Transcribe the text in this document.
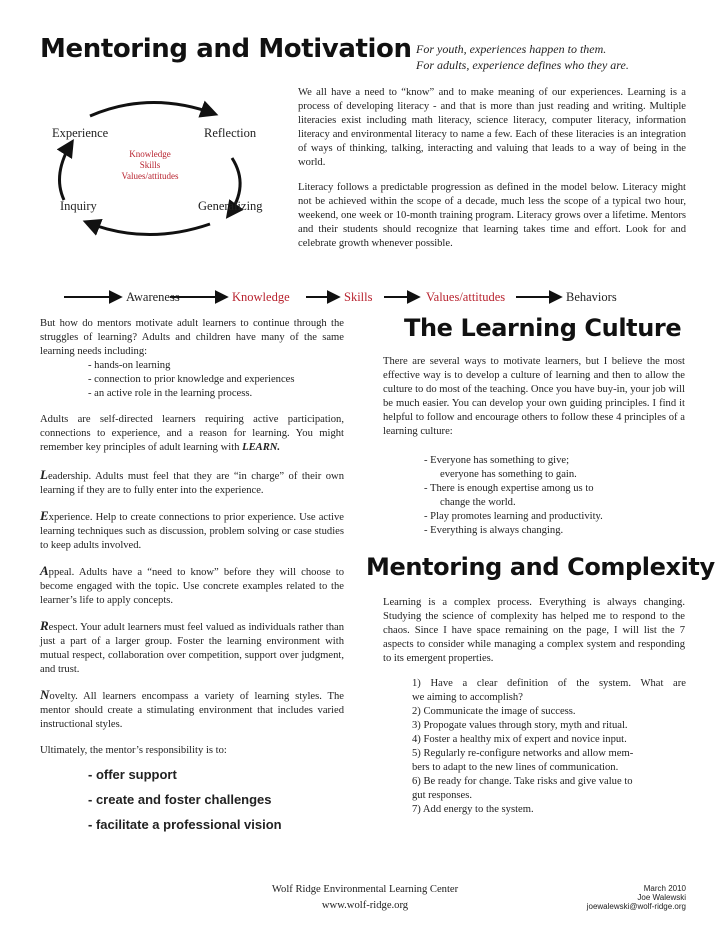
Mentoring and Motivation For youth, experiences happen to them.
For adults, experience defines who they are.
Experience	Reflection
Inquiry	Generalizing
Knowledge
Skills
Values/attitudes

We all have a need to “know” and to make meaning of our experiences. Learning is a process of developing literacy - and that is more than just reading and writing. Multiple literacies exist including math literacy, science literacy, computer literacy, information literacy and environmental literacy to name a few. Each of these literacies is an integration of ways of thinking, talking, interacting and valuing that leads to a way of being in the world.

Literacy follows a predictable progression as defined in the model below. Literacy might not be achieved within the scope of a decade, much less the scope of a typical two hour, weekend, one week or 10-month training program. Literacy grows over a lifetime. Mentors and their students should recognize that learning takes time and effort. Look for and celebrate growth whenever possible.

Awareness	Knowledge	Skills	Values/attitudes	Behaviors

But how do mentors motivate adult learners to continue through the struggles of learning? Adults and children have many of the same learning needs including:

- hands-on learning
- connection to prior knowledge and experiences
- an active role in the learning process.

Adults are self-directed learners requiring active participation, connections to experience, and a reason for learning. You might remember key principles of adult learning with LEARN.

Leadership. Adults must feel that they are “in charge” of their own learning if they are to fully enter into the experience.

Experience. Help to create connections to prior experience. Use active learning techniques such as discussion, problem solving or case studies to keep adults involved.

Appeal. Adults have a “need to know” before they will choose to become engaged with the topic. Use concrete examples related to the learner’s life to apply concepts.

Respect. Your adult learners must feel valued as individuals rather than just a part of a larger group. Foster the learning environment with mutual respect, collaboration over competition, support over judgment, and trust.

Novelty. All learners encompass a variety of learning styles. The mentor should create a stimulating environment that includes varied instructional styles.

Ultimately, the mentor’s responsibility is to:

- offer support
- create and foster challenges
- facilitate a professional vision
The Learning Culture

There are several ways to motivate learners, but I believe the most effective way is to develop a culture of learning and then to allow the culture to do most of the teaching. Once you have buy-in, your job will be much easier. You can develop your own guiding principles. I find it helpful to follow and encourage others to follow these 4 principles of a learning culture:

- Everyone has something to give;
everyone has something to gain.
- There is enough expertise among us to
change the world.
- Play promotes learning and productivity.
- Everything is always changing.
Mentoring and Complexity

Learning is a complex process. Everything is always changing. Studying the science of complexity has helped me to respond to the chaos. Since I have space remaining on the page, I will list the 7 aspects to consider while managing a complex system and responding to its emergent properties.

1) Have a clear definition of the system. What are
we aiming to accomplish?
2) Communicate the image of success.
3) Propogate values through story, myth and ritual.
4) Foster a healthy mix of expert and novice input.
5) Regularly re-configure networks and allow mem-
bers to adapt to the new lines of communication.
6) Be ready for change. Take risks and give value to
gut responses.
7) Add energy to the system.
Wolf Ridge Environmental Learning Center
www.wolf-ridge.org
March 2010
Joe Walewski
joewalewski@wolf-ridge.org
